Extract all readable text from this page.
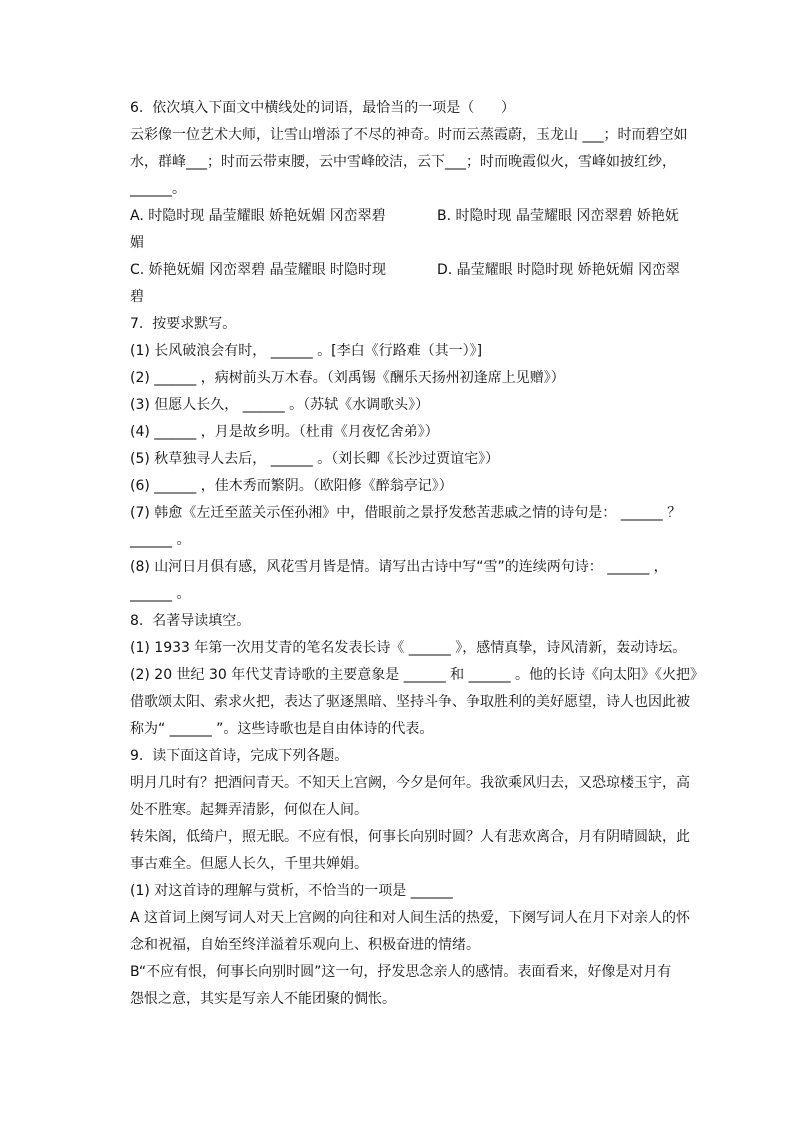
6.  依次填入下面文中横线处的词语，最恰当的一项是（      ）
云彩像一位艺术大师，让雪山增添了不尽的神奇。时而云蒸霞蔚，玉龙山 ___；时而碧空如
水，群峰___；时而云带束腰，云中雪峰皎洁，云下___；时而晚霞似火，雪峰如披红纱，
______。
A. 时隐时现 晶莹耀眼 娇艳妩媚 冈峦翠碧
媚
B. 时隐时现 晶莹耀眼 冈峦翠碧 娇艳妩
C. 娇艳妩媚 冈峦翠碧 晶莹耀眼 时隐时现
碧
D. 晶莹耀眼 时隐时现 娇艳妩媚 冈峦翠
7.  按要求默写。
(1) 长风破浪会有时， ______ 。[李白《行路难（其一）》]
(2) ______ ，病树前头万木春。（刘禹锡《酬乐天扬州初逢席上见赠》）
(3) 但愿人长久， ______ 。（苏轼《水调歌头》）
(4) ______ ，月是故乡明。（杜甫《月夜忆舍弟》）
(5) 秋草独寻人去后， ______ 。（刘长卿《长沙过贾谊宅》）
(6) ______ ，佳木秀而繁阴。（欧阳修《醉翁亭记》）
(7) 韩愈《左迁至蓝关示侄孙湘》中，借眼前之景抒发愁苦悲戚之情的诗句是： ______ ？
______ 。
(8) 山河日月俱有感，风花雪月皆是情。请写出古诗中写“雪”的连续两句诗： ______ ，
______ 。
8.  名著导读填空。
(1) 1933 年第一次用艾青的笔名发表长诗《 ______ 》，感情真挚，诗风清新，轰动诗坛。
(2) 20 世纪 30 年代艾青诗歌的主要意象是 ______ 和 ______ 。他的长诗《向太阳》《火把》
借歌颂太阳、索求火把，表达了驱逐黑暗、坚持斗争、争取胜利的美好愿望，诗人也因此被
称为“ ______ ”。这些诗歌也是自由体诗的代表。
9.  读下面这首诗，完成下列各题。
明月几时有？把酒问青天。不知天上宫阙，今夕是何年。我欲乘风归去，又恐琼楼玉宇，高
处不胜寒。起舞弄清影，何似在人间。
转朱阁，低绮户，照无眠。不应有恨，何事长向别时圆？人有悲欢离合，月有阴晴圆缺，此
事古难全。但愿人长久，千里共婵娟。
(1) 对这首诗的理解与赏析，不恰当的一项是 ______
A 这首词上阕写词人对天上宫阙的向往和对人间生活的热爱，下阕写词人在月下对亲人的怀
念和祝福，自始至终洋溢着乐观向上、积极奋进的情绪。
B“不应有恨，何事长向别时圆”这一句，抒发思念亲人的感情。表面看来，好像是对月有
怨恨之意，其实是写亲人不能团聚的惆怅。
